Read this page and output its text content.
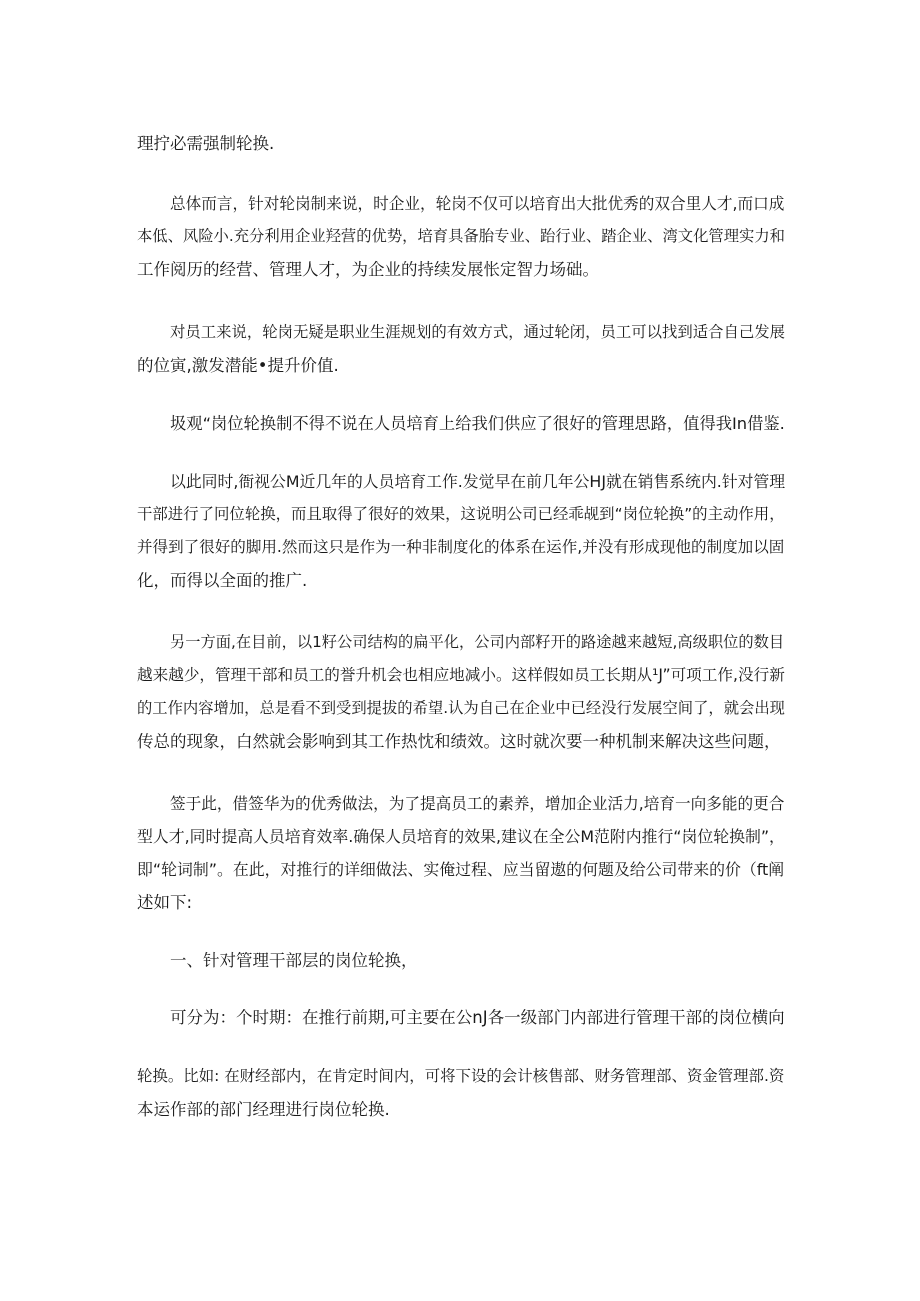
理拧必需强制轮换.
总体而言，针对轮岗制来说，时企业，轮岗不仅可以培育出大批优秀的双合里人才,而口成
本低、风险小.充分利用企业羟营的优势，培育具备胎专业、跆行业、踏企业、湾文化管理实力和
工作阅历的经营、管理人才，为企业的持续发展怅定智力场础。
对员工来说，轮岗无疑是职业生涯规划的有效方式，通过轮闭，员工可以找到适合自己发展
的位寅,激发潜能•提升价值.
圾观“岗位轮换制不得不说在人员培育上给我们供应了很好的管理思路，值得我In借鉴.
以此同时,衙视公M近几年的人员培育工作.发觉早在前几年公HJ就在销售系统内.针对管理
干部进行了冋位轮换，而且取得了很好的效果，这说明公司已经乖觇到“岗位轮换”的主动作用，
并得到了很好的脚用.然而这只是作为一种非制度化的体系在运作,并没有形成现他的制度加以固
化，而得以全面的推广.
另一方面,在目前，以1籽公司结构的扁平化，公司内部籽开的路途越来越短,高级职位的数目
越来越少，管理干部和员工的誉升机会也相应地减小。这样假如员工长期从¹J”可项工作,没行新
的工作内容增加，总是看不到受到提拔的希望.认为自己在企业中已经没行发展空间了，就会出现
传总的现象，白然就会影响到其工作热忱和绩效。这时就次要一种机制来解决这些问题，
签于此，借签华为的优秀做法，为了提高员工的素养，增加企业活力,培育一向多能的更合
型人才,同时提高人员培育效率.确保人员培育的效果,建议在全公M范附内推行“岗位轮换制”，
即“轮词制”。在此，对推行的详细做法、实俺过程、应当留遨的何题及给公司带来的价（ft阐
述如下:
一、针对管理干部层的岗位轮换，
可分为：个时期：在推行前期,可主要在公nJ各一级部门内部进行管理干部的岗位横向
轮换。比如: 在财经部内，在肯定时间内，可将下设的会计核售部、财务管理部、资金管理部.资
本运作部的部门经理进行岗位轮换.
